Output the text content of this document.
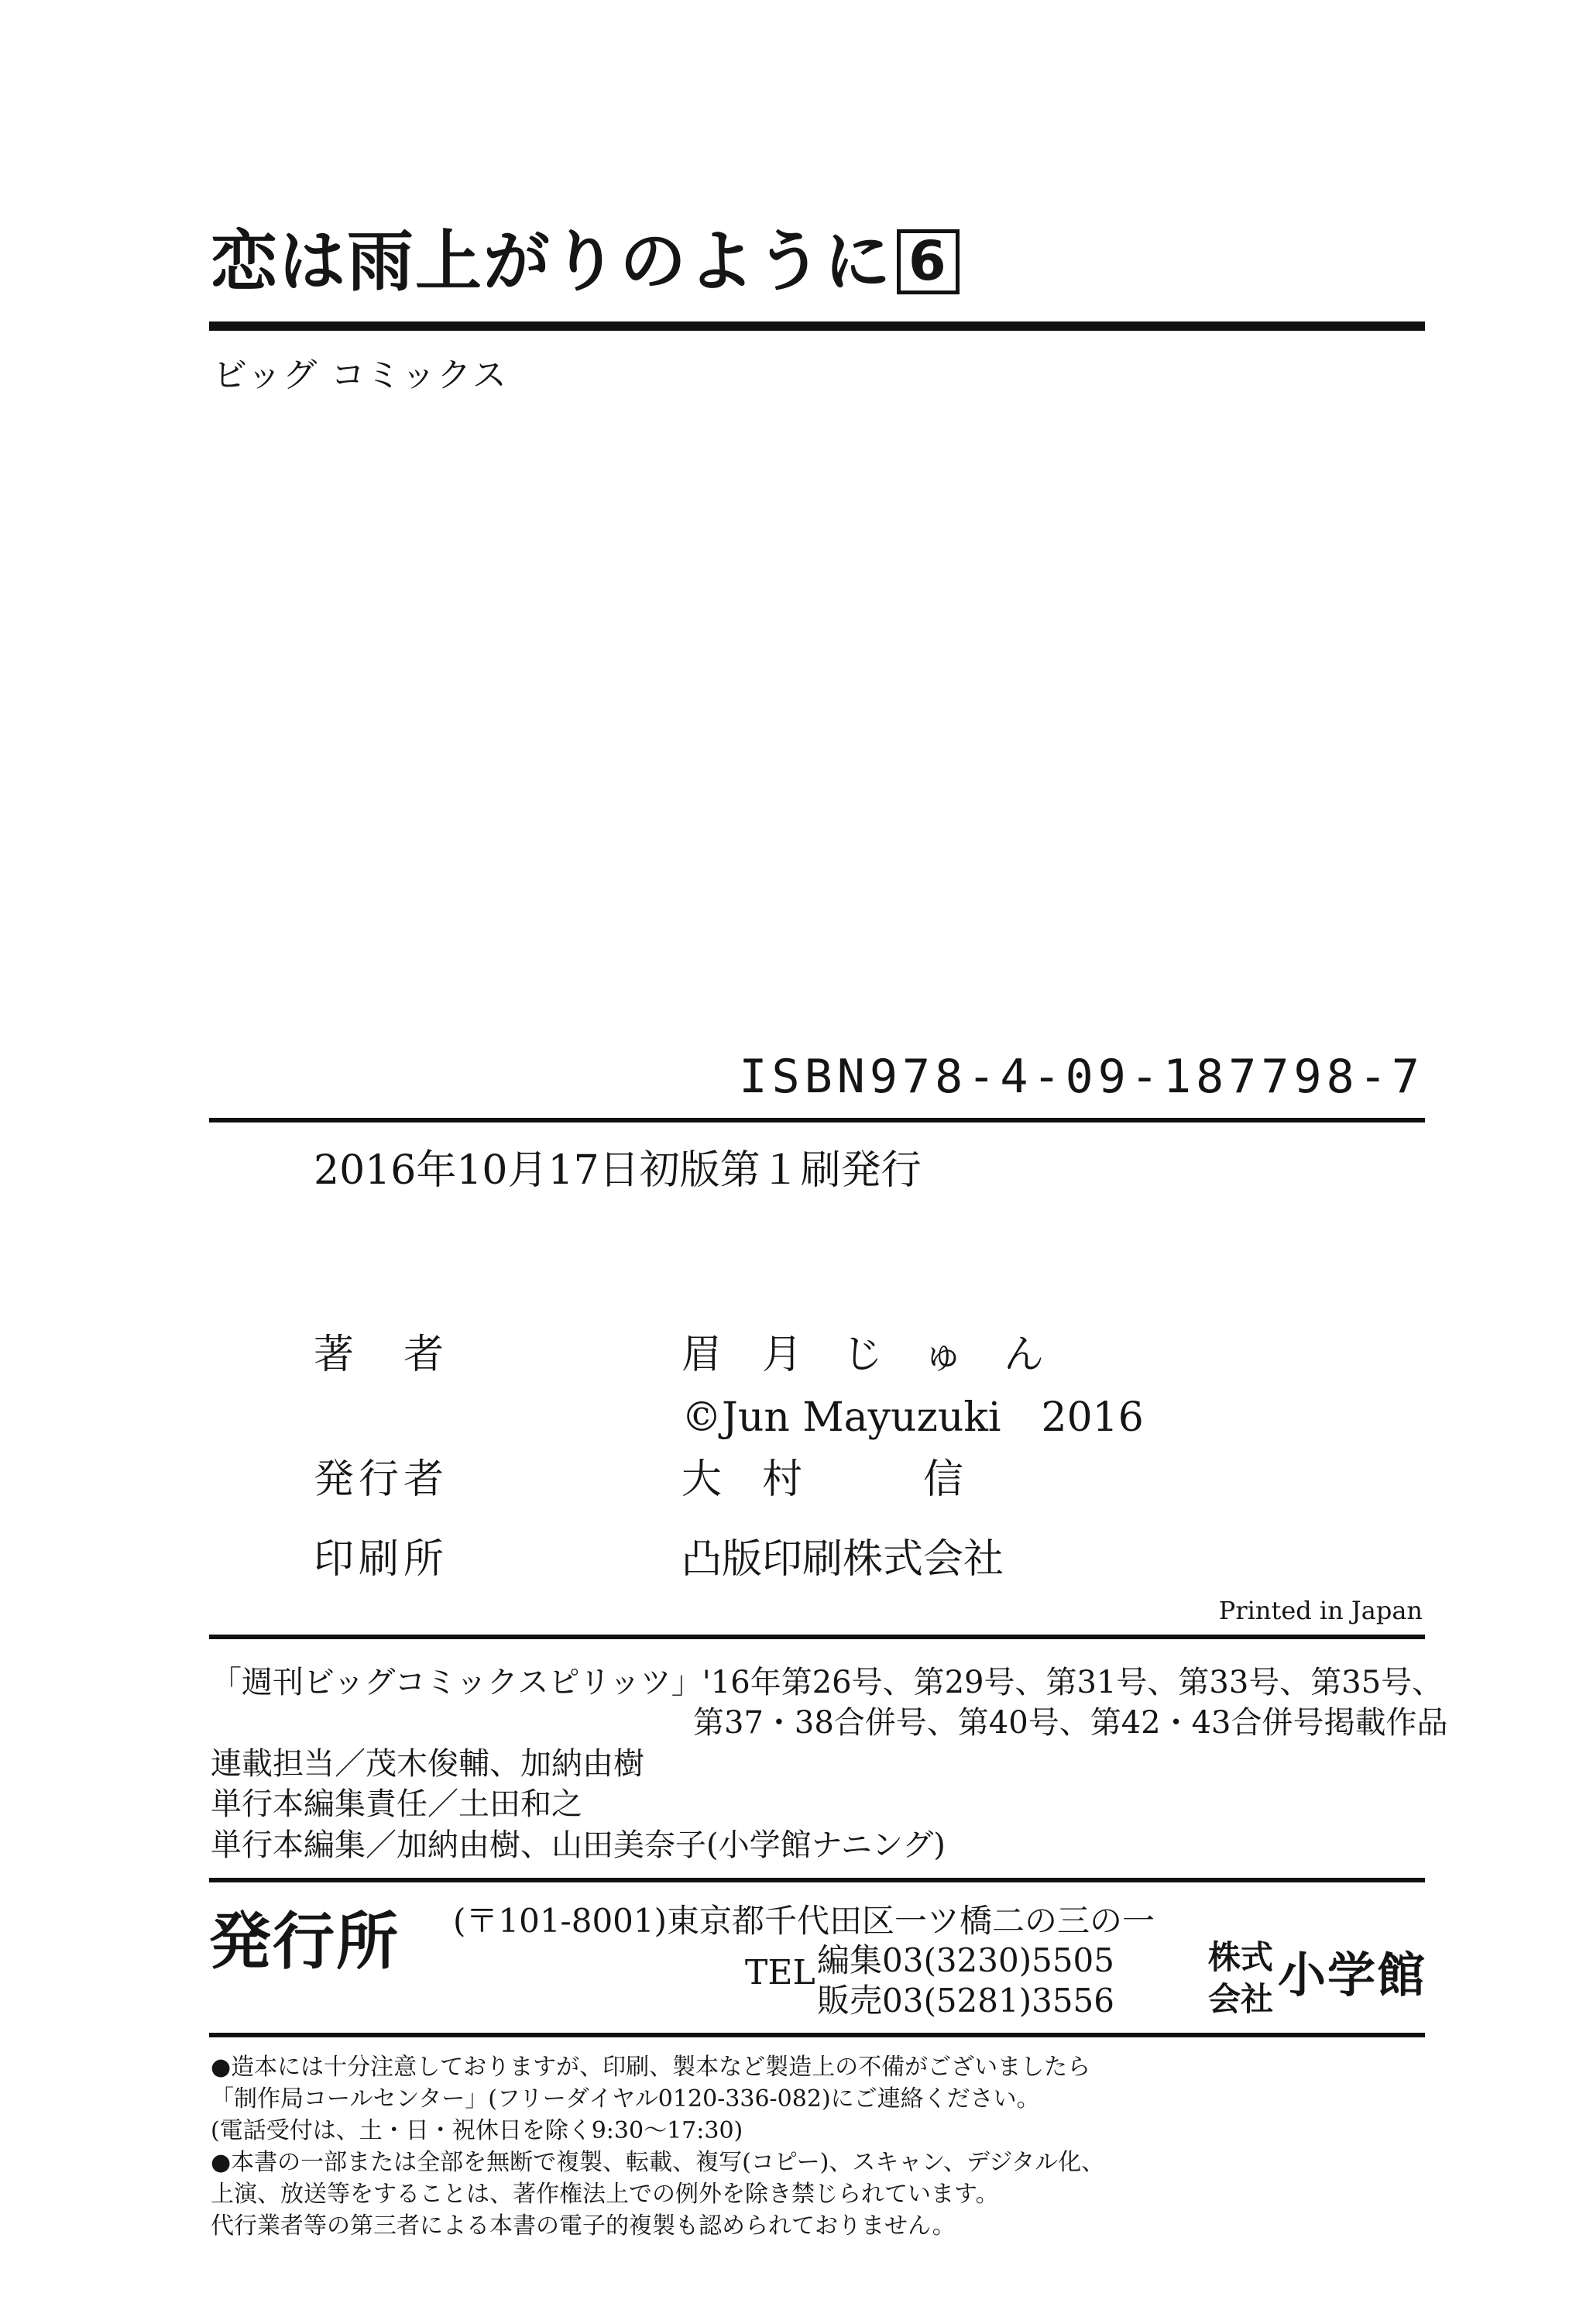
恋は雨上がりのように 6
ビッグ コミックス
ISBN978-4-09-187798-7
2016年10月17日初版第１刷発行
著　者	眉　月　じ　ゅ　ん
©Jun Mayuzuki　2016
発行者	大　村　　　信
印刷所	凸版印刷株式会社
Printed in Japan
「週刊ビッグコミックスピリッツ」'16年第26号、第29号、第31号、第33号、第35号、
第37・38合併号、第40号、第42・43合併号掲載作品
連載担当／茂木俊輔、加納由樹
単行本編集責任／土田和之
単行本編集／加納由樹、山田美奈子(小学館ナニング)
発行所 (〒101-8001)東京都千代田区一ツ橋二の三の一
TEL 編集03(3230)5505
販売03(5281)3556
株式
会社 小学館
●造本には十分注意しておりますが、印刷、製本など製造上の不備がございましたら
「制作局コールセンター」(フリーダイヤル0120-336-082)にご連絡ください。
(電話受付は、土・日・祝休日を除く9:30〜17:30)
●本書の一部または全部を無断で複製、転載、複写(コピー)、スキャン、デジタル化、
上演、放送等をすることは、著作権法上での例外を除き禁じられています。
代行業者等の第三者による本書の電子的複製も認められておりません。
